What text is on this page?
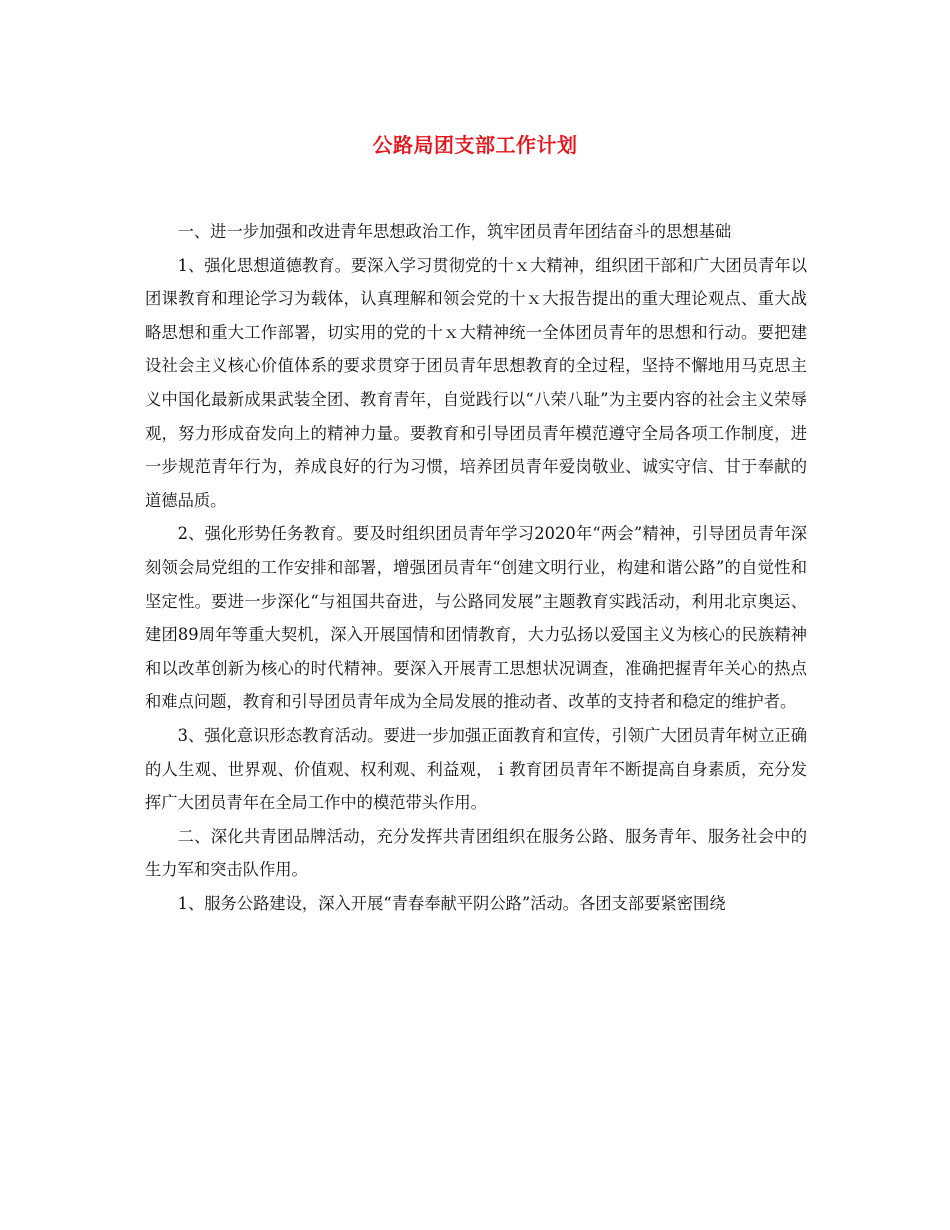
公路局团支部工作计划

一、进一步加强和改进青年思想政治工作，筑牢团员青年团结奋斗的思想基础

1、强化思想道德教育。要深入学习贯彻党的十ｘ大精神，组织团干部和广大团员青年以团课教育和理论学习为载体，认真理解和领会党的十ｘ大报告提出的重大理论观点、重大战略思想和重大工作部署，切实用的党的十ｘ大精神统一全体团员青年的思想和行动。要把建设社会主义核心价值体系的要求贯穿于团员青年思想教育的全过程，坚持不懈地用马克思主义中国化最新成果武装全团、教育青年，自觉践行以“八荣八耻”为主要内容的社会主义荣辱观，努力形成奋发向上的精神力量。要教育和引导团员青年模范遵守全局各项工作制度，进一步规范青年行为，养成良好的行为习惯，培养团员青年爱岗敬业、诚实守信、甘于奉献的道德品质。

2、强化形势任务教育。要及时组织团员青年学习2020年“两会”精神，引导团员青年深刻领会局党组的工作安排和部署，增强团员青年“创建文明行业，构建和谐公路”的自觉性和坚定性。要进一步深化“与祖国共奋进，与公路同发展”主题教育实践活动，利用北京奥运、建团89周年等重大契机，深入开展国情和团情教育，大力弘扬以爱国主义为核心的民族精神和以改革创新为核心的时代精神。要深入开展青工思想状况调查，准确把握青年关心的热点和难点问题，教育和引导团员青年成为全局发展的推动者、改革的支持者和稳定的维护者。

3、强化意识形态教育活动。要进一步加强正面教育和宣传，引领广大团员青年树立正确的人生观、世界观、价值观、权利观、利益观，ｉ教育团员青年不断提高自身素质，充分发挥广大团员青年在全局工作中的模范带头作用。

二、深化共青团品牌活动，充分发挥共青团组织在服务公路、服务青年、服务社会中的生力军和突击队作用。

1、服务公路建设，深入开展“青春奉献平阴公路”活动。各团支部要紧密围绕
